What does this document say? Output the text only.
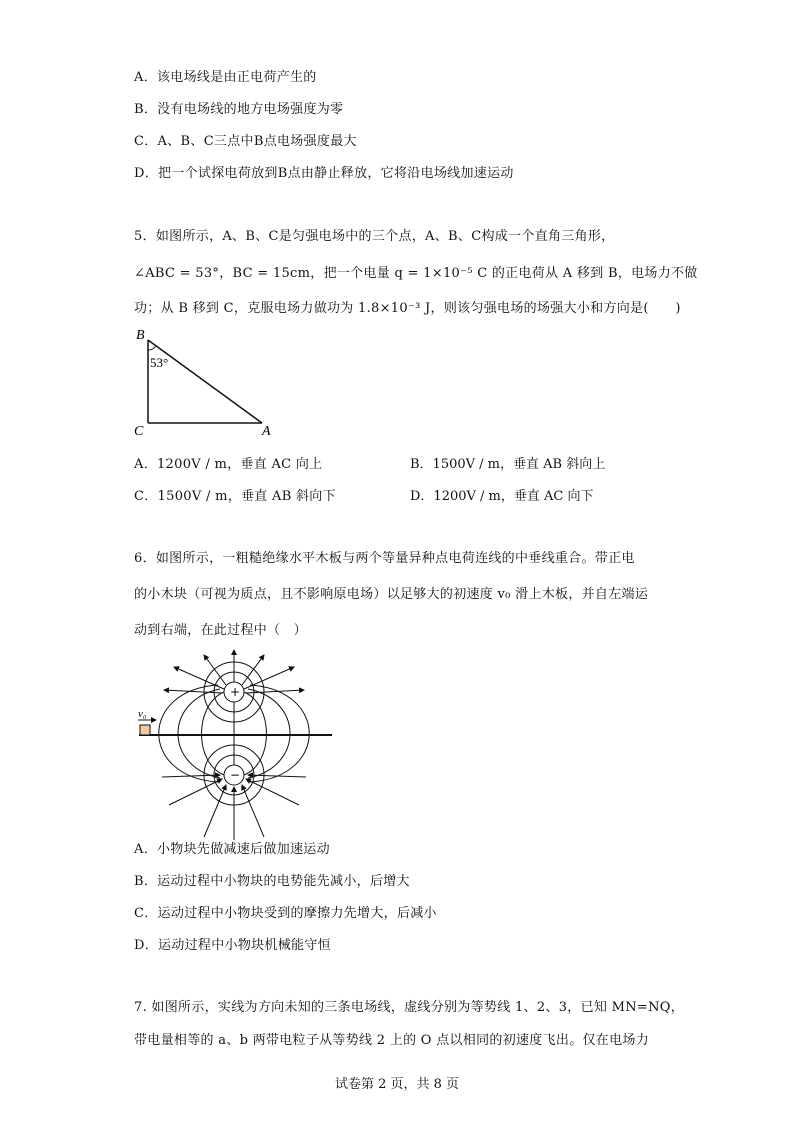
A．该电场线是由正电荷产生的
B．没有电场线的地方电场强度为零
C．A、B、C三点中B点电场强度最大
D．把一个试探电荷放到B点由静止释放，它将沿电场线加速运动
5．如图所示，A、B、C是匀强电场中的三个点，A、B、C构成一个直角三角形，
∠ABC = 53°，BC = 15cm，把一个电量 q = 1×10⁻⁵ C 的正电荷从 A 移到 B，电场力不做
功；从 B 移到 C，克服电场力做功为 1.8×10⁻³ J，则该匀强电场的场强大小和方向是(　　)
B
53°
C	A
A．1200V / m，垂直 AC 向上	B．1500V / m，垂直 AB 斜向上
C．1500V / m，垂直 AB 斜向下	D．1200V / m，垂直 AC 向下
6．如图所示，一粗糙绝缘水平木板与两个等量异种点电荷连线的中垂线重合。带正电
的小木块（可视为质点，且不影响原电场）以足够大的初速度 v₀ 滑上木板，并自左端运
动到右端，在此过程中（　）
v₀
+
−
A．小物块先做减速后做加速运动
B．运动过程中小物块的电势能先减小，后增大
C．运动过程中小物块受到的摩擦力先增大，后减小
D．运动过程中小物块机械能守恒
7. 如图所示，实线为方向未知的三条电场线，虚线分别为等势线 1、2、3，已知 MN=NQ，
带电量相等的 a、b 两带电粒子从等势线 2 上的 O 点以相同的初速度飞出。仅在电场力
试卷第 2 页，共 8 页
